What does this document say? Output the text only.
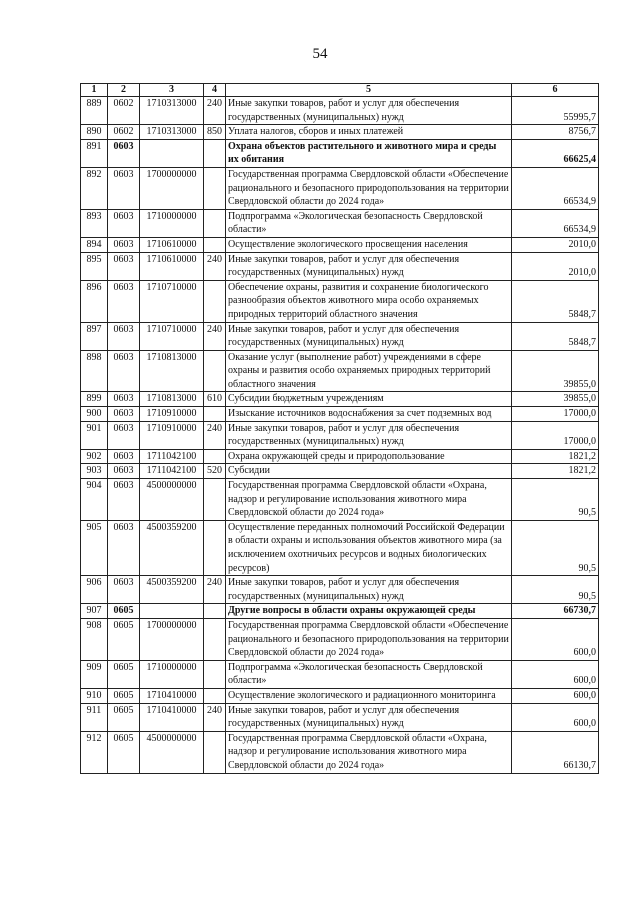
54
1	2	3	4	5	6
889	0602	1710313000	240	Иные закупки товаров, работ и услуг для обеспечения государственных (муниципальных) нужд	55995,7
890	0602	1710313000	850	Уплата налогов, сборов и иных платежей	8756,7
891	0603			Охрана объектов растительного и животного мира и среды их обитания	66625,4
892	0603	1700000000		Государственная программа Свердловской области «Обеспечение рационального и безопасного природопользования на территории Свердловской области до 2024 года»	66534,9
893	0603	1710000000		Подпрограмма «Экологическая безопасность Свердловской области»	66534,9
894	0603	1710610000		Осуществление экологического просвещения населения	2010,0
895	0603	1710610000	240	Иные закупки товаров, работ и услуг для обеспечения государственных (муниципальных) нужд	2010,0
896	0603	1710710000		Обеспечение охраны, развития и сохранение биологического разнообразия объектов животного мира особо охраняемых природных территорий областного значения	5848,7
897	0603	1710710000	240	Иные закупки товаров, работ и услуг для обеспечения государственных (муниципальных) нужд	5848,7
898	0603	1710813000		Оказание услуг (выполнение работ) учреждениями в сфере охраны и развития особо охраняемых природных территорий областного значения	39855,0
899	0603	1710813000	610	Субсидии бюджетным учреждениям	39855,0
900	0603	1710910000		Изыскание источников водоснабжения за счет подземных вод	17000,0
901	0603	1710910000	240	Иные закупки товаров, работ и услуг для обеспечения государственных (муниципальных) нужд	17000,0
902	0603	1711042100		Охрана окружающей среды и природопользование	1821,2
903	0603	1711042100	520	Субсидии	1821,2
904	0603	4500000000		Государственная программа Свердловской области «Охрана, надзор и регулирование использования животного мира Свердловской области до 2024 года»	90,5
905	0603	4500359200		Осуществление переданных полномочий Российской Федерации в области охраны и использования объектов животного мира (за исключением охотничьих ресурсов и водных биологических ресурсов)	90,5
906	0603	4500359200	240	Иные закупки товаров, работ и услуг для обеспечения государственных (муниципальных) нужд	90,5
907	0605			Другие вопросы в области охраны окружающей среды	66730,7
908	0605	1700000000		Государственная программа Свердловской области «Обеспечение рационального и безопасного природопользования на территории Свердловской области до 2024 года»	600,0
909	0605	1710000000		Подпрограмма «Экологическая безопасность Свердловской области»	600,0
910	0605	1710410000		Осуществление экологического и радиационного мониторинга	600,0
911	0605	1710410000	240	Иные закупки товаров, работ и услуг для обеспечения государственных (муниципальных) нужд	600,0
912	0605	4500000000		Государственная программа Свердловской области «Охрана, надзор и регулирование использования животного мира Свердловской области до 2024 года»	66130,7
